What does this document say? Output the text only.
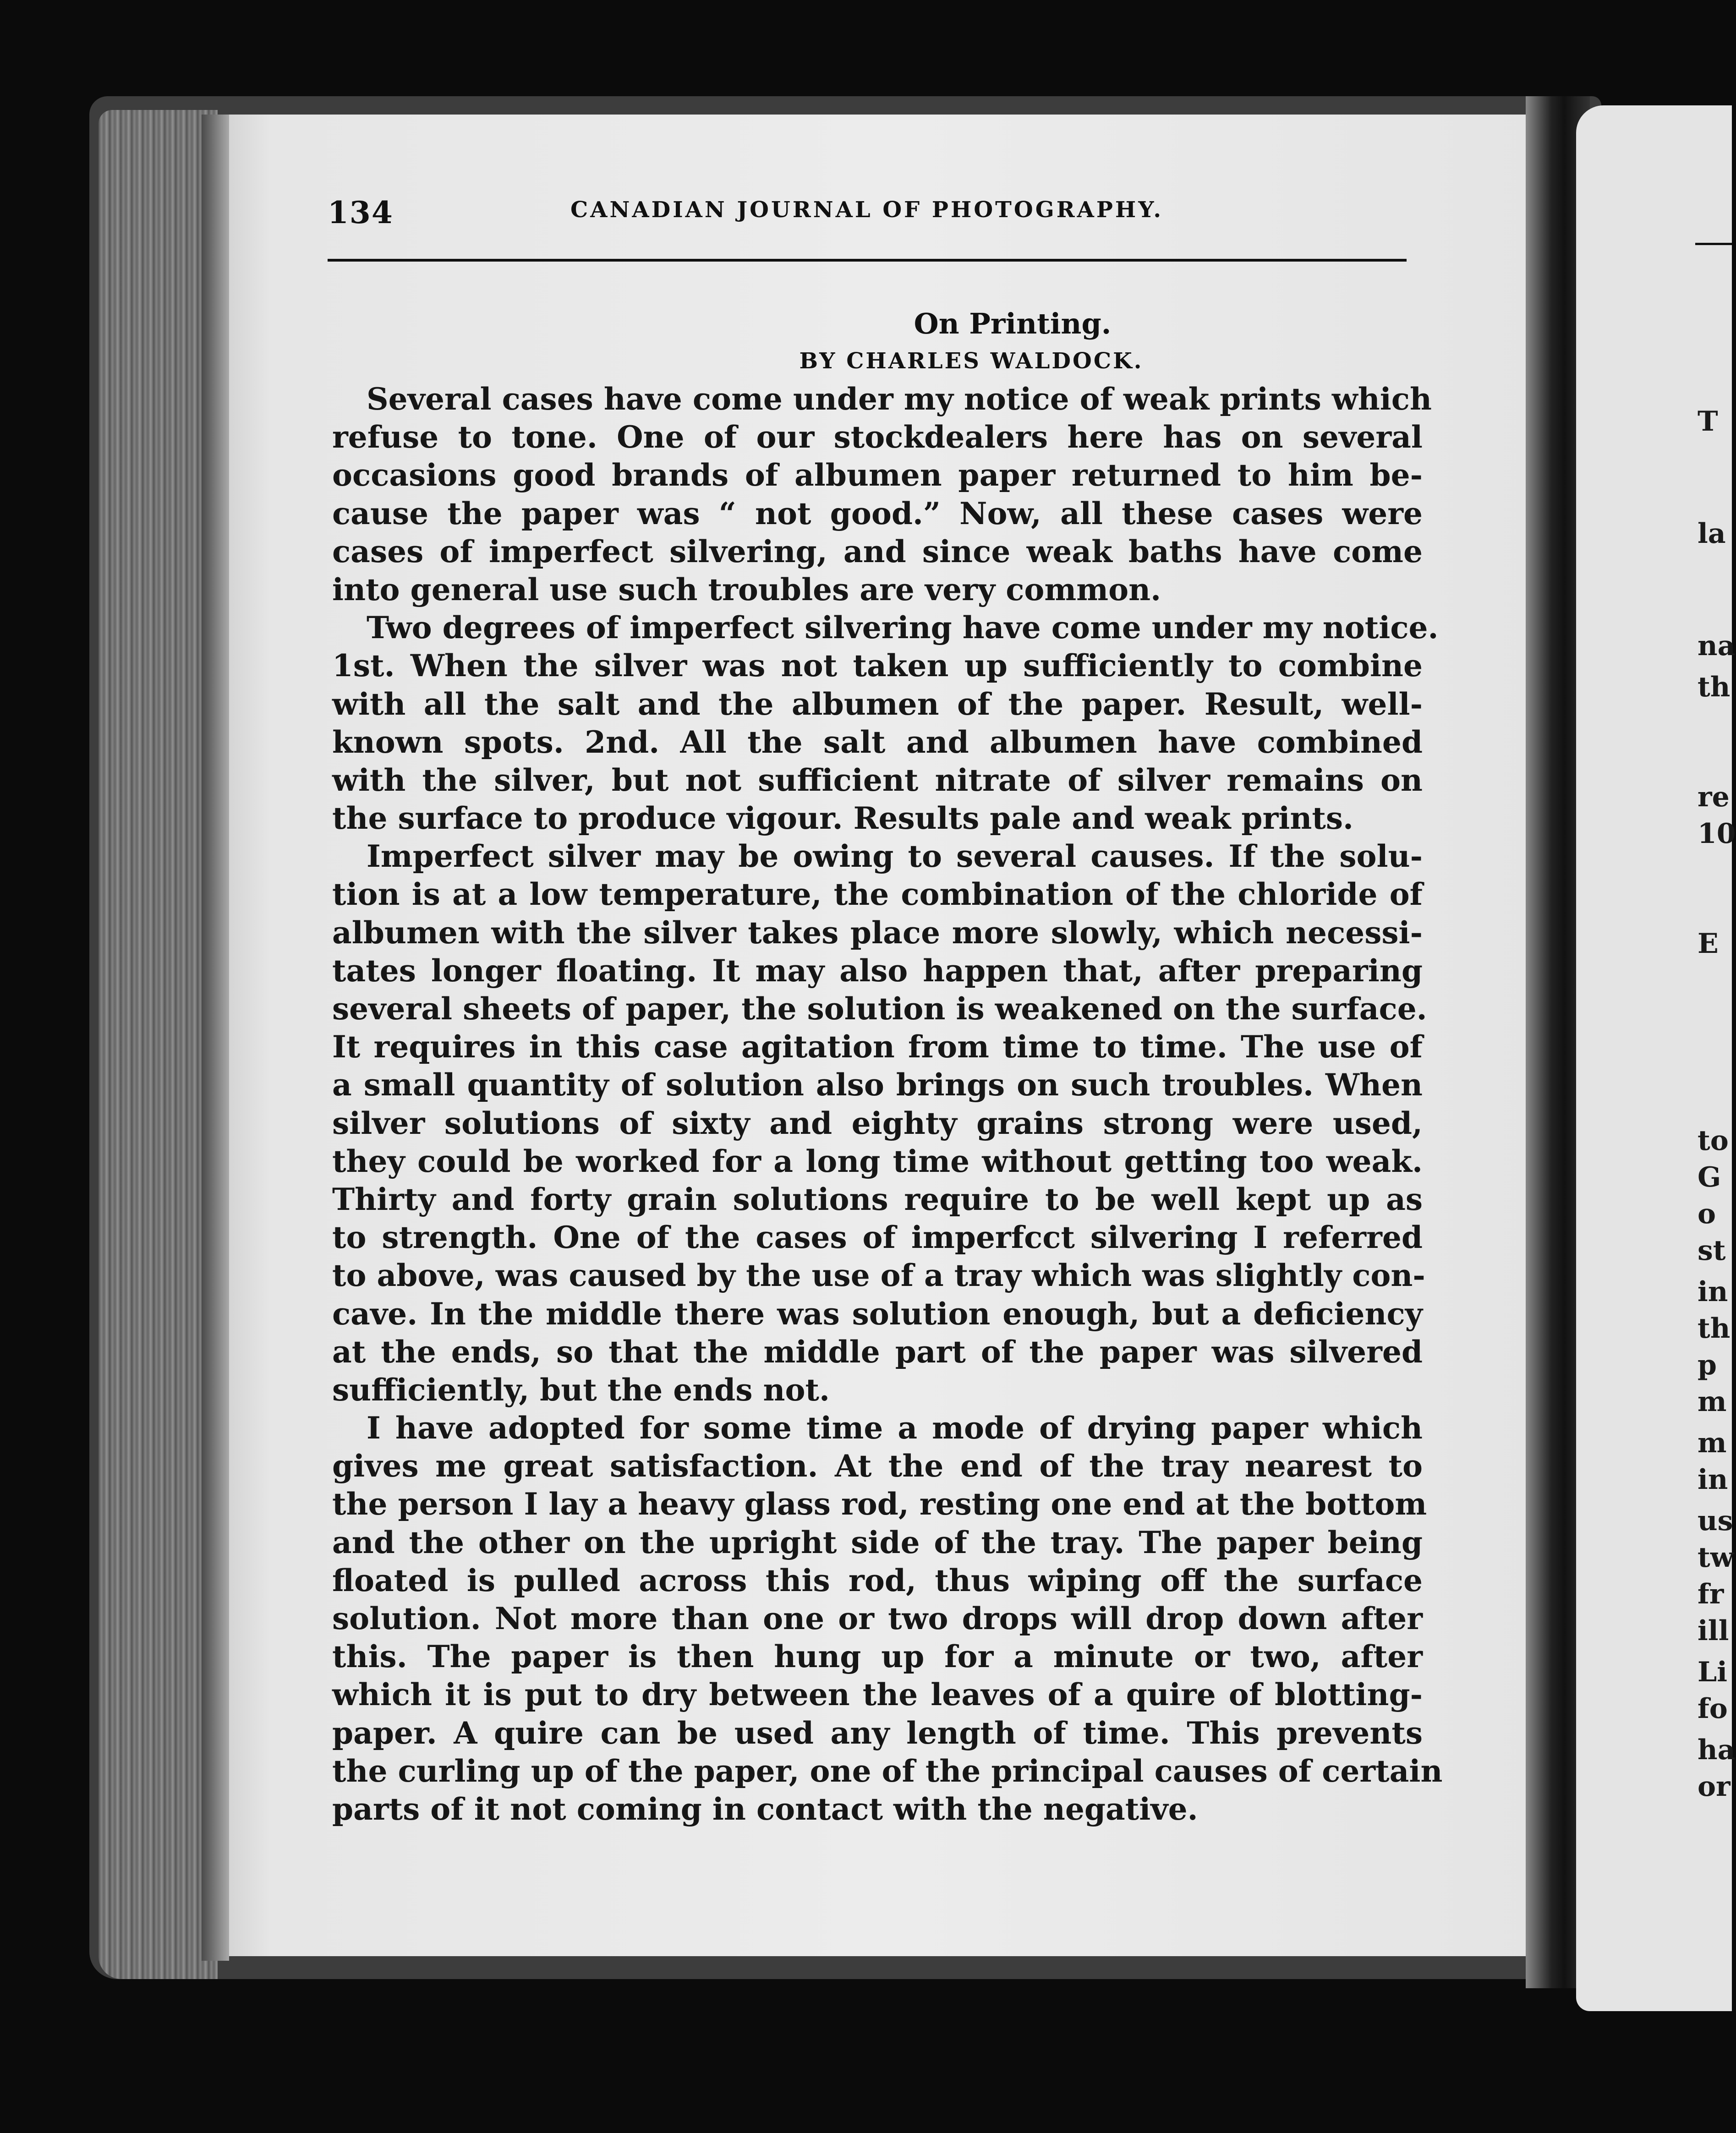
T
la
na
th
re
10
E
to
G
o
st
in
th
p
m
m
in
us
tw
fr
ill
Li
fo
ha
or
134	CANADIAN JOURNAL OF PHOTOGRAPHY.
On Printing.
BY CHARLES WALDOCK.
Several cases have come under my notice of weak prints which
refuse to tone. One of our stockdealers here has on several
occasions good brands of albumen paper returned to him be-
cause the paper was “ not good.” Now, all these cases were
cases of imperfect silvering, and since weak baths have come
into general use such troubles are very common.
Two degrees of imperfect silvering have come under my notice.
1st. When the silver was not taken up sufficiently to combine
with all the salt and the albumen of the paper. Result, well-
known spots. 2nd. All the salt and albumen have combined
with the silver, but not sufficient nitrate of silver remains on
the surface to produce vigour. Results pale and weak prints.
Imperfect silver may be owing to several causes. If the solu-
tion is at a low temperature, the combination of the chloride of
albumen with the silver takes place more slowly, which necessi-
tates longer floating. It may also happen that, after preparing
several sheets of paper, the solution is weakened on the surface.
It requires in this case agitation from time to time. The use of
a small quantity of solution also brings on such troubles. When
silver solutions of sixty and eighty grains strong were used,
they could be worked for a long time without getting too weak.
Thirty and forty grain solutions require to be well kept up as
to strength. One of the cases of imperfcct silvering I referred
to above, was caused by the use of a tray which was slightly con-
cave. In the middle there was solution enough, but a deficiency
at the ends, so that the middle part of the paper was silvered
sufficiently, but the ends not.
I have adopted for some time a mode of drying paper which
gives me great satisfaction. At the end of the tray nearest to
the person I lay a heavy glass rod, resting one end at the bottom
and the other on the upright side of the tray. The paper being
floated is pulled across this rod, thus wiping off the surface
solution. Not more than one or two drops will drop down after
this. The paper is then hung up for a minute or two, after
which it is put to dry between the leaves of a quire of blotting-
paper. A quire can be used any length of time. This prevents
the curling up of the paper, one of the principal causes of certain
parts of it not coming in contact with the negative.
